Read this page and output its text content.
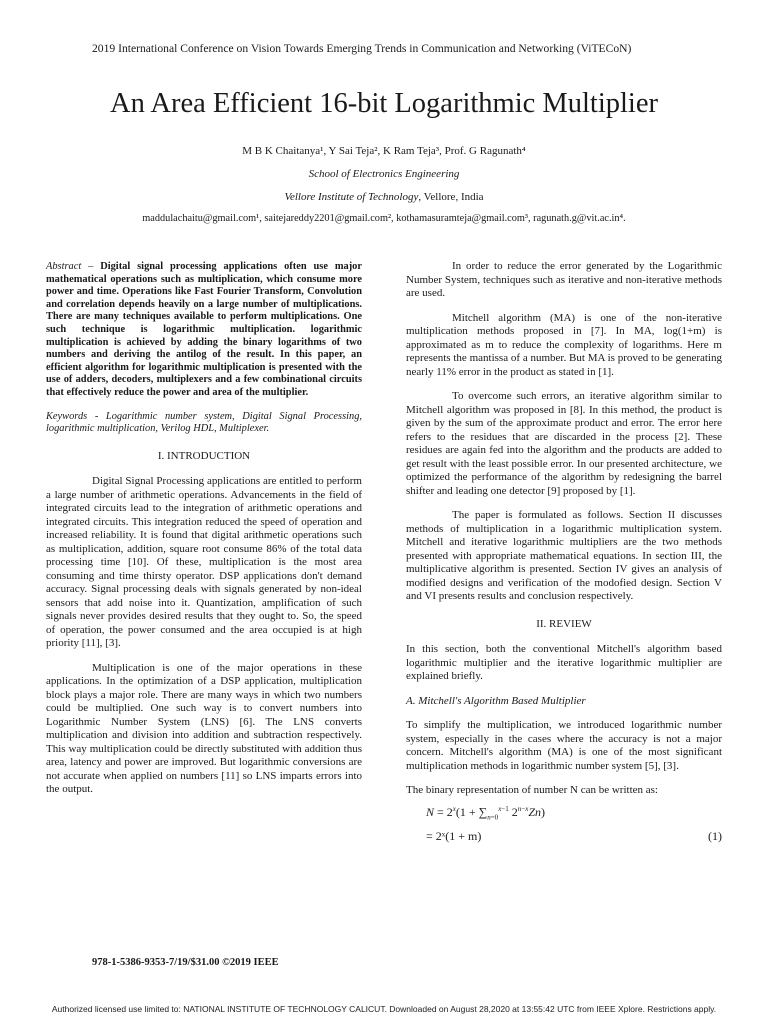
2019 International Conference on Vision Towards Emerging Trends in Communication and Networking (ViTECoN)
An Area Efficient 16-bit Logarithmic Multiplier
M B K Chaitanya¹, Y Sai Teja², K Ram Teja³, Prof. G Ragunath⁴
School of Electronics Engineering
Vellore Institute of Technology, Vellore, India
maddulachaitu@gmail.com¹, saitejareddy2201@gmail.com², kothamasuramteja@gmail.com³, ragunath.g@vit.ac.in⁴.

Abstract – Digital signal processing applications often use major mathematical operations such as multiplication, which consume more power and time. Operations like Fast Fourier Transform, Convolution and correlation depends heavily on a large number of multiplications. There are many techniques available to perform multiplications. One such technique is logarithmic multiplication. logarithmic multiplication is achieved by adding the binary logarithms of two numbers and deriving the antilog of the result. In this paper, an efficient algorithm for logarithmic multiplication is presented with the use of adders, decoders, multiplexers and a few combinational circuits that effectively reduce the power and area of the multiplier.

Keywords - Logarithmic number system, Digital Signal Processing, logarithmic multiplication, Verilog HDL, Multiplexer.

I. INTRODUCTION

Digital Signal Processing applications are entitled to perform a large number of arithmetic operations. Advancements in the field of integrated circuits lead to the integration of arithmetic operations and integrated circuits. This integration reduced the speed of operation and increased reliability. It is found that digital arithmetic operations such as multiplication, addition, square root consume 86% of the total data processing time [10]. Of these, multiplication is the most area consuming and time thirsty operator. DSP applications don't demand accuracy. Signal processing deals with signals generated by non-ideal sensors that add noise into it. Quantization, amplification of such signals never provides desired results that they ought to. So, the speed of operation, the power consumed and the area occupied is at high priority [11], [3].

Multiplication is one of the major operations in these applications. In the optimization of a DSP application, multiplication block plays a major role. There are many ways in which two numbers could be multiplied. One such way is to convert numbers into Logarithmic Number System (LNS) [6]. The LNS converts multiplication and division into addition and subtraction respectively. This way multiplication could be directly substituted with addition thus area, latency and power are improved. But logarithmic conversions are not accurate when applied on numbers [11] so LNS imparts errors into the output.

In order to reduce the error generated by the Logarithmic Number System, techniques such as iterative and non-iterative methods are used.

Mitchell algorithm (MA) is one of the non-iterative multiplication methods proposed in [7]. In MA, log(1+m) is approximated as m to reduce the complexity of logarithms. Here m represents the mantissa of a number. But MA is proved to be generating nearly 11% error in the product as stated in [1].

To overcome such errors, an iterative algorithm similar to Mitchell algorithm was proposed in [8]. In this method, the product is given by the sum of the approximate product and error. The error here refers to the residues that are discarded in the process [2]. These residues are again fed into the algorithm and the products are added to get result with the least possible error. In our presented architecture, we optimized the performance of the algorithm by redesigning the barrel shifter and leading one detector [9] proposed by [1].

The paper is formulated as follows. Section II discusses methods of multiplication in a logarithmic multiplication system. Mitchell and iterative logarithmic multipliers are the two methods presented with appropriate mathematical equations. In section III, the multiplicative algorithm is presented. Section IV gives an analysis of modified designs and verification of the modofied design. Section V and VI presents results and conclusion respectively.

II. REVIEW

In this section, both the conventional Mitchell's algorithm based logarithmic multiplier and the iterative logarithmic multiplier are explained briefly.

A. Mitchell's Algorithm Based Multiplier

To simplify the multiplication, we introduced logarithmic number system, especially in the cases where the accuracy is not a major concern. Mitchell's algorithm (MA) is one of the most significant multiplication methods in logarithmic number system [5], [3].

The binary representation of number N can be written as:

$N = 2^x(1 + \sum_{n=0}^{x-1}$ $2^{n-x}Zn$)
= 2ˣ(1 + m)	(1)
978-1-5386-9353-7/19/$31.00 ©2019 IEEE
Authorized licensed use limited to: NATIONAL INSTITUTE OF TECHNOLOGY CALICUT. Downloaded on August 28,2020 at 13:55:42 UTC from IEEE Xplore. Restrictions apply.
